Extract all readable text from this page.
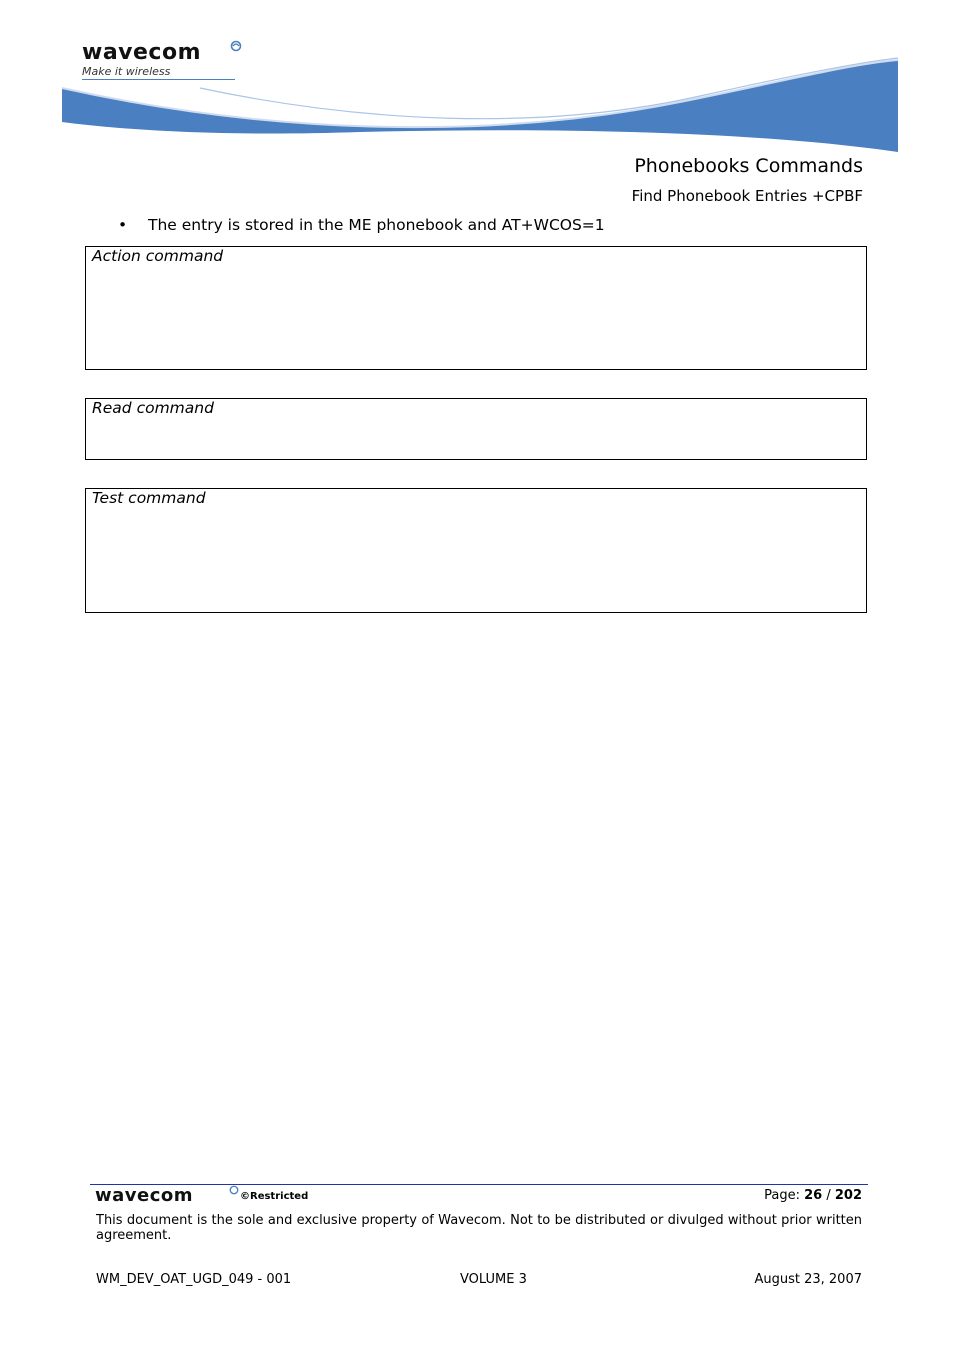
wavecom
Make it wireless
Phonebooks Commands
Find Phonebook Entries +CPBF
• The entry is stored in the ME phonebook and AT+WCOS=1
Action command
Read command
Test command
wavecom	©Restricted	Page: 26 / 202
This document is the sole and exclusive property of Wavecom. Not to be distributed or divulged without prior written agreement.
WM_DEV_OAT_UGD_049 - 001	VOLUME 3	August 23, 2007
